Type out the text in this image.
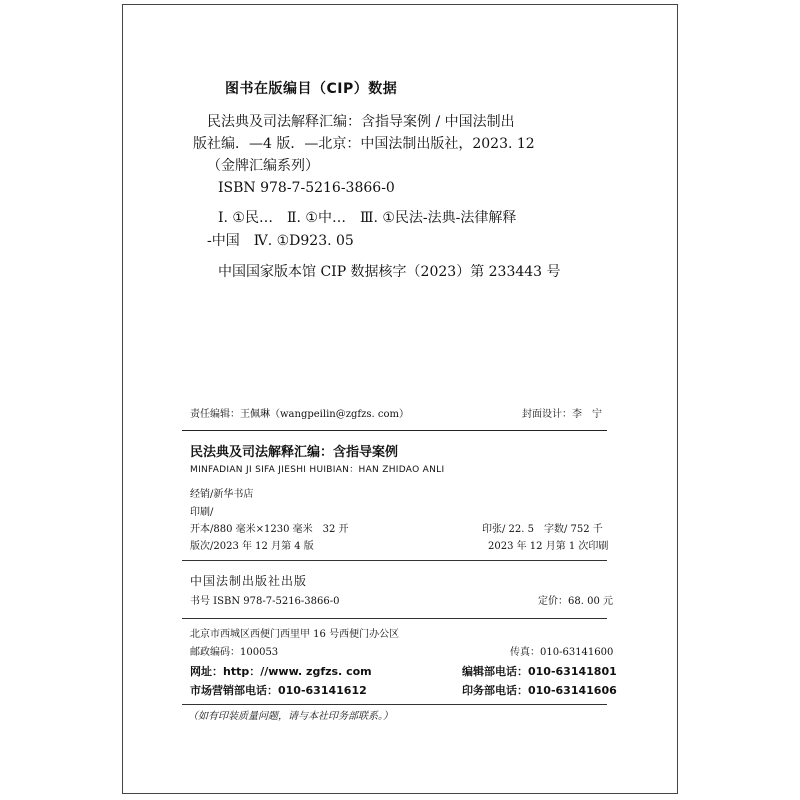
图书在版编目（CIP）数据
民法典及司法解释汇编：含指导案例 / 中国法制出
版社编．—4 版．—北京：中国法制出版社，2023. 12
（金牌汇编系列）
ISBN 978-7-5216-3866-0
Ⅰ. ①民…　Ⅱ. ①中…　Ⅲ. ①民法-法典-法律解释
-中国　Ⅳ. ①D923. 05
中国国家版本馆 CIP 数据核字（2023）第 233443 号
责任编辑：王佩琳（wangpeilin@zgfzs. com）	封面设计：李　宁
民法典及司法解释汇编：含指导案例
MINFADIAN JI SIFA JIESHI HUIBIAN：HAN ZHIDAO ANLI
经销/新华书店
印刷/
开本/880 毫米×1230 毫米　32 开	印张/ 22. 5　字数/ 752 千
版次/2023 年 12 月第 4 版	2023 年 12 月第 1 次印刷
中国法制出版社出版
书号 ISBN 978-7-5216-3866-0	定价：68. 00 元
北京市西城区西便门西里甲 16 号西便门办公区
邮政编码：100053	传真：010-63141600
网址：http：//www. zgfzs. com	编辑部电话：010-63141801
市场营销部电话：010-63141612	印务部电话：010-63141606
（如有印装质量问题，请与本社印务部联系。）
